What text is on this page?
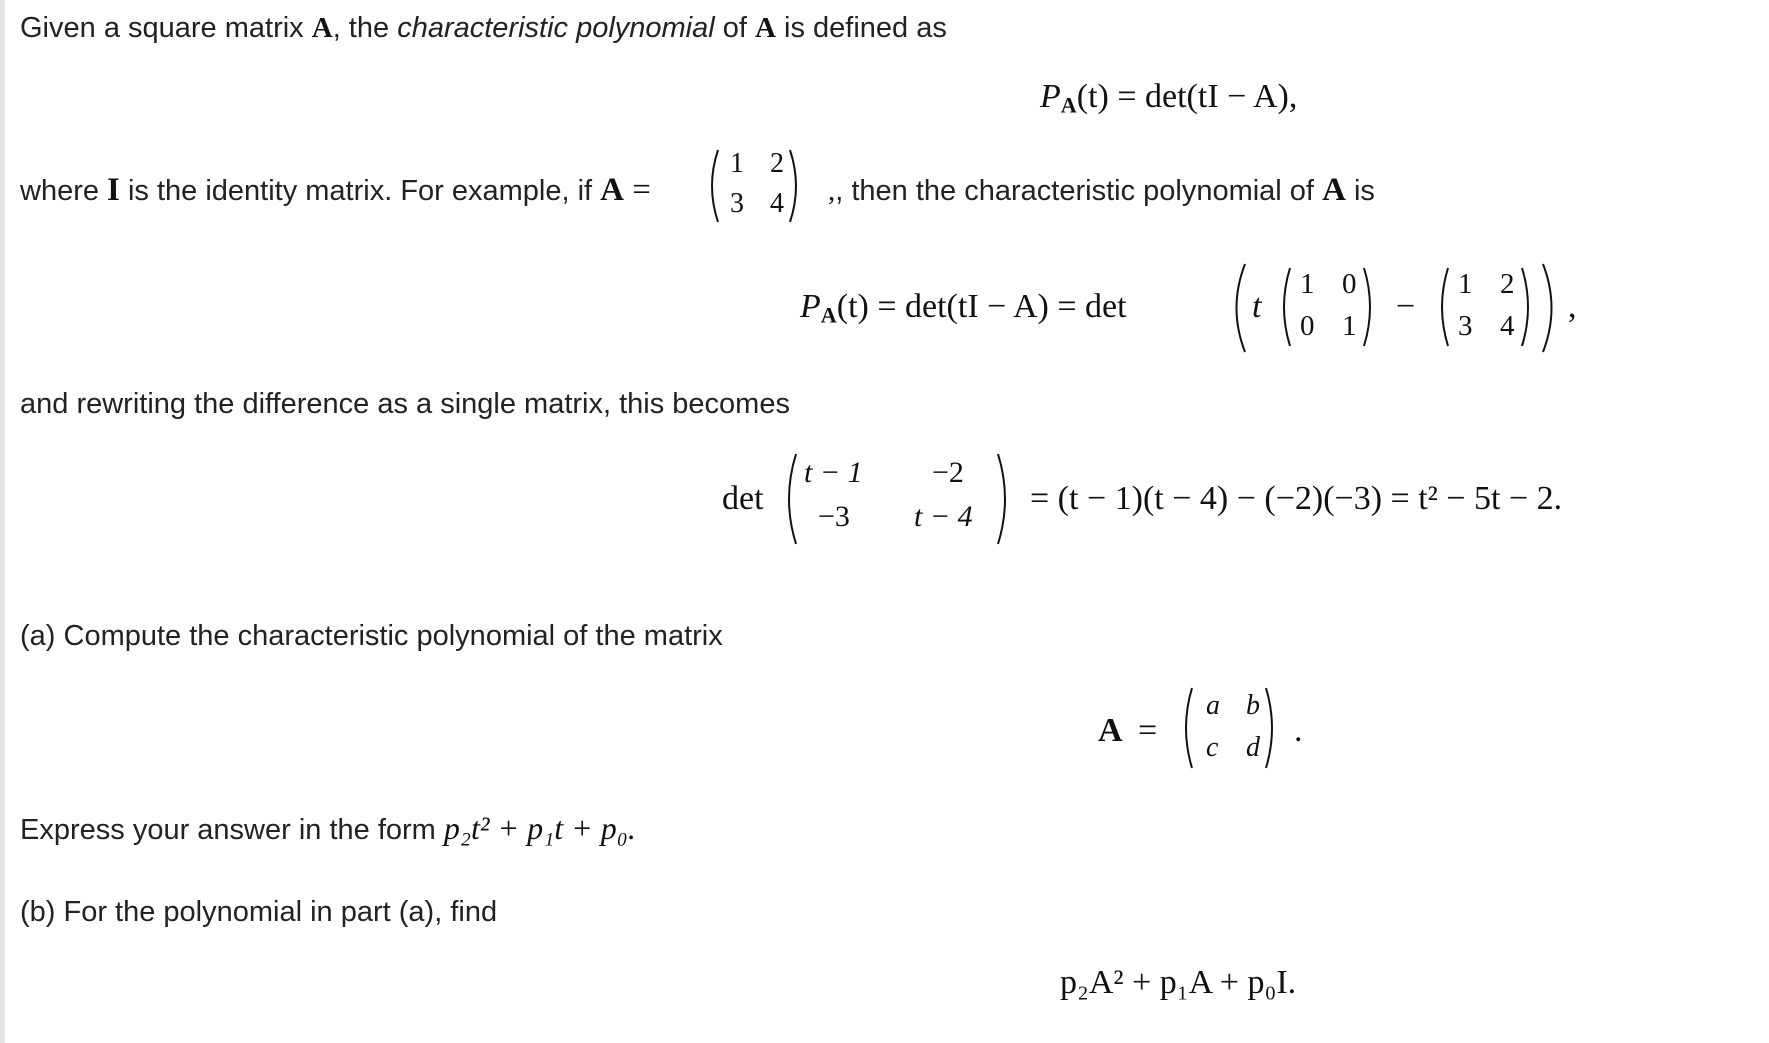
Given a square matrix A, the characteristic polynomial of A is defined as
$P_A(t) = \det(tI - A)$,
where I is the identity matrix. For example, if A =
1 2
3 4 ,, then the characteristic polynomial of A is
$P_A(t) = \det(tI - A) = \det$	t
1 0
0 1
−
1 2
3 4
,
and rewriting the difference as a single matrix, this becomes
det
t − 1 −2
−3 t − 4 = (t − 1)(t − 4) − (−2)(−3) = t² − 5t − 2.
(a) Compute the characteristic polynomial of the matrix
A =
a b
c d .
Express your answer in the form p₂t² + p₁t + p₀.
(b) For the polynomial in part (a), find
p₂A² + p₁A + p₀I.
